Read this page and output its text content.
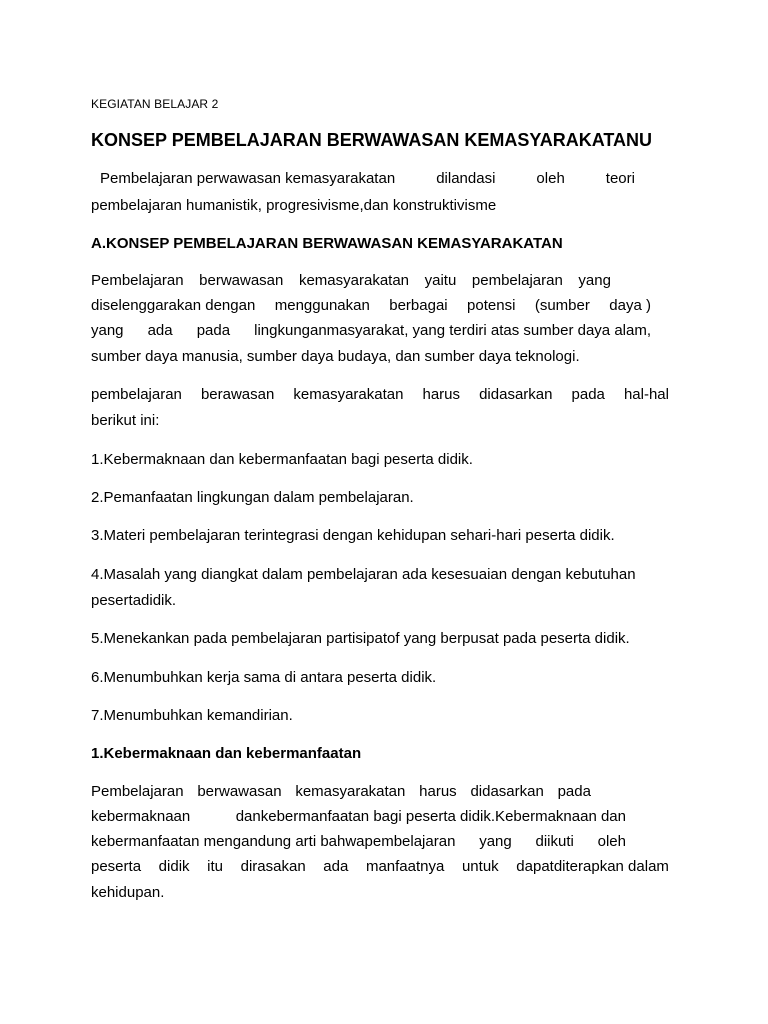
KEGIATAN BELAJAR 2
KONSEP PEMBELAJARAN BERWAWASAN KEMASYARAKATANU
Pembelajaran perwawasan kemasyarakatan	dilandasi	oleh	teori
pembelajaran humanistik, progresivisme,dan konstruktivisme
A.KONSEP PEMBELAJARAN BERWAWASAN KEMASYARAKATAN
Pembelajaran berwawasan kemasyarakatan yaitu pembelajaran yang
diselenggarakan dengan menggunakan berbagai potensi (sumber daya )
yang ada pada lingkunganmasyarakat, yang terdiri atas sumber daya alam,
sumber daya manusia, sumber daya budaya, dan sumber daya teknologi.
pembelajaran berawasan kemasyarakatan harus didasarkan pada hal-hal
berikut ini:
1.Kebermaknaan dan kebermanfaatan bagi peserta didik.
2.Pemanfaatan lingkungan dalam pembelajaran.
3.Materi pembelajaran terintegrasi dengan kehidupan sehari-hari peserta didik.
4.Masalah yang diangkat dalam pembelajaran ada kesesuaian dengan kebutuhan
pesertadidik.
5.Menekankan pada pembelajaran partisipatof yang berpusat pada peserta didik.
6.Menumbuhkan kerja sama di antara peserta didik.
7.Menumbuhkan kemandirian.
1.Kebermaknaan dan kebermanfaatan
Pembelajaran berwawasan kemasyarakatan harus didasarkan pada
kebermaknaan	dankebermanfaatan bagi peserta didik.Kebermaknaan dan
kebermanfaatan mengandung arti bahwapembelajaran yang diikuti oleh
peserta didik itu dirasakan ada manfaatnya untuk dapatditerapkan dalam
kehidupan.
